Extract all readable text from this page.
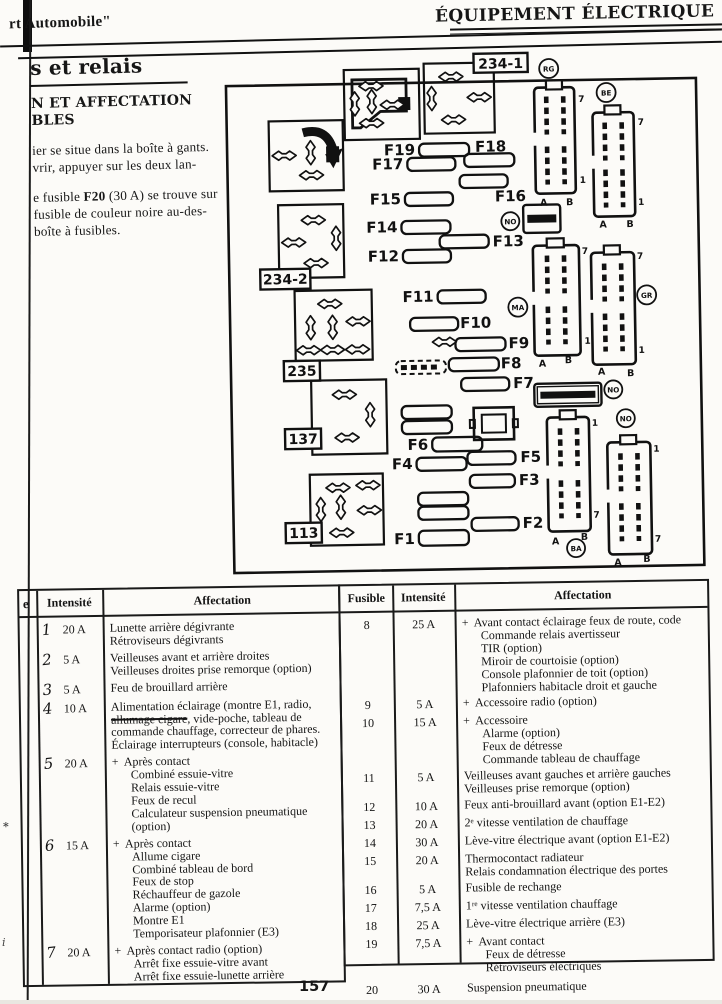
rt Automobile"	ÉQUIPEMENT ÉLECTRIQUE
s et relais
N ET AFFECTATION
BLES
ier se situe dans la boîte à gants.
vrir, appuyer sur les deux lan-
e fusible F20 (30 A) se trouve sur
fusible de couleur noire au-des-
boîte à fusibles.
234-1
234-2
235
137
113
F19	F18
F17
F15	F16
F14
F13
F12
F11
F10
F9
F8
F7
F6
F4	F5
F3
F2
F1
RG
BE
NO
MA
GR
NO
NO
BA
7
1
A B
7
1
A B
7
1
A B
7
1
A B
1
7
A B
1
7
A B
e	Intensité	Affectation
1 20 A	Lunette arrière dégivrante
Rétroviseurs dégivrants
2 5 A	Veilleuses avant et arrière droites
Veilleuses droites prise remorque (option)
3 5 A	Feu de brouillard arrière
4 10 A	Alimentation éclairage (montre E1, radio,
allumage cigare, vide-poche, tableau de
commande chauffage, correcteur de phares.
Éclairage interrupteurs (console, habitacle)
5 20 A	+  Après contact
Combiné essuie-vitre
Relais essuie-vitre
Feux de recul
Calculateur suspension pneumatique
(option)
6 15 A	+  Après contact
Allume cigare
Combiné tableau de bord
Feux de stop
Réchauffeur de gazole
Alarme (option)
Montre E1
Temporisateur plafonnier (E3)
7 20 A	+  Après contact radio (option)
Arrêt fixe essuie-vitre avant
Arrêt fixe essuie-lunette arrière
Fusible	Intensité	Affectation
8	25 A	+  Avant contact éclairage feux de route, code
Commande relais avertisseur
TIR (option)
Miroir de courtoisie (option)
Console plafonnier de toit (option)
Plafonniers habitacle droit et gauche
9	5 A	+  Accessoire radio (option)
10	15 A	+  Accessoire
Alarme (option)
Feux de détresse
Commande tableau de chauffage
11	5 A	Veilleuses avant gauches et arrière gauches
Veilleuses prise remorque (option)
12	10 A	Feux anti-brouillard avant (option E1-E2)
13	20 A	2ᵉ vitesse ventilation de chauffage
14	30 A	Lève-vitre électrique avant (option E1-E2)
15	20 A	Thermocontact radiateur
Relais condamnation électrique des portes
16	5 A	Fusible de rechange
17	7,5 A	1ʳᵉ vitesse ventilation chauffage
18	25 A	Lève-vitre électrique arrière (E3)
19	7,5 A	+  Avant contact
Feux de détresse
Rétroviseurs électriques
20	30 A	Suspension pneumatique
*
i
157
